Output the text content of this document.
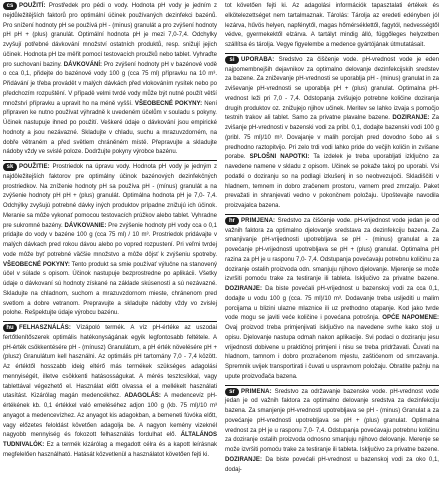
cs POUŽITÍ: Prostředek pro pédi o vody. Hodnota pH vody je jedním z nejdůležitějších faktorů pro optimální účinek používaných dezinfekci bazénů. Pro snížení hodnoty pH se používá pH - (minus) granulát a pro zvýšení hodnoty pH pH + (plus) granulát. Optimální hodnota pH je mezi 7,0-7,4. Odchylky zvyšují potřebné dávkování množství ostatních produktů, resp. snižují jejich účinek. Hodnota pH lze měřit pomocí testovacích proužků nebo tablet. Vyhraďte pro suchovaní baziny. DÁVKOVÁNÍ: Pro zvýšení hodnoty pH v bazénové vodě o cca 0,1, přidejte do bazénové vody 100 g (cca 75 ml) přípravku na 10 m³. Přidávání je třeba provádět v malých dávkách před vlokováním rysítek nebo po předchozím rozpuštění. V případě velmi tvrdé vody může být nutné použít větší množství přípravku a upravit ho na méně vyšší. VŠEOBECNÉ POKYNY: Není připraven ke nutno používat výhradně k uvedeném účelům v souladu s pokyny. Účinek nastupuje ihned po použití. Veškeré údaje o dávkování jsou empirické hodnoty a jsou nezávazné. Skladujte v chladu, suchu a mrazuvzdorném, na dobře větraném a před světlem chráněném místě. Přepravujte a skladujte nádoby vždy ve svislé poloze. Dodržujte pokyny výrobce bazénu.

sk POUŽITIE: Prostriedok na úpravu vody. Hodnota pH vody je jedným z najdôležitejších faktorov pre optimálny účinok bazénových dezinfekčných prostriedkov. Na zníženie hodnoty pH sa používa pH - (mínus) granulát a na zvýšenie hodnoty pH pH + (plus) granulát. Optimálna hodnota pH je 7,0- 7,4. Odchýlky zvyšujú potrebné dávky iných produktov prípadne znižujú ich účinok. Meranie sa môže vykonať pomocou testovacích prúžkov alebo tablet. Vyhradne pre sukromné bazény. DÁVKOVANIE: Pre zvýšenie hodnoty pH vody cca o 0,1 pridajte do vody v bazéne 100 g (cca 75 ml) / 10 m³. Prostriedok pridávajte v malých dávkach pred rokou dávou alebo po vopred rozpustení. Pri veľmi tvrdej vode môže byť potrebné väčšie množstvo a môže dôjsť k zvýšeniu spotreby. VŠEOBECNÉ POKYNY: Tento produkt sa smie používať výlučne na stanovený účel v súlade s opisom. Účinok nastupuje bezprostredne po aplikácii. Všetky údaje o dávkovaní sú hodnoty získané na základe skúseností a sú nezávazné. Skladujte na chladnom, suchom a mrazuvzdornom mieste, chránenom pred svetlom a dobre vetranom. Prepravujte a skladujte nádoby vždy vo zvislej polohe. Rešpektujte údaje výrobcu bazénu.

hu FELHASZNÁLÁS: Vízápoló termék. A víz pH-értéke az uszodai fertőtlenítőszerek optimális hatékonyságának egyik legfontosabb feltétele. A pH-érték csökkentésére pH - (mínusz) Granulátum, a pH érték növelésére pH + (plusz) Granulátum kell használni. Az optimális pH tartomány 7,0 - 7,4 között. Az értéktől hosszabb ideig eltérő más termékek szükséges adagolási mennyiségét, illetve csökkenti hatásosságukat. A mérés tesztcsíkkal, vagy tablettával végezhető el. Használat előtt olvassa el a mellékelt használati utasítást. Kizárólag magán medencékhez. ADAGOLÁS: A medencevíz pH-értékének kb. 0,1 értékkel való emeléséhez adjon 100 g (kb. 75 ml)/10 m³ anyagot a medencevízhez. Az anyagot kis adagokban, a bemeneti fúvóka előtt, vagy előzetes feloldást követően adagolja be. A nagyon kemény vizeknél nagyobb mennyiség és fokozott felhasználás fordulhat elő. ÁLTALÁNOS TUDNIVALÓK: Ez a termék kizárólag a megadott célra és a kapott leírásnak megfelelően használható. Hatását közvetlenül a használatot követően fejti ki.

tot követően fejti ki. Az adagolási információk tapasztalati értékek és elkötelezettséget nem tartalmaznak. Tárolás: Tárolja az eredeti edényben jól lezárva, hűvös helyen, napfénytől, magas hőmérséklettől, fagytól, nedvességtől védve, gyermekektől elzárva. A tartályt mindig álló, függőleges helyzetben szállítsa és tárolja. Vegye figyelembe a medence gyártójának útmutatásait.

si UPORABA: Sredstvo za čiščenje vode. pH-vrednost vode je eden najpomembnejših dejavnikov za optimalno delovanje dezinfekcijskih sredstev za bazene. Za zniževanje pH-vrednosti se uporablja pH - (minus) granulat in za zviševanje pH-vrednosti se uporablja pH + (plus) granulat. Optimalna pH-vrednost leži pri 7,0 - 7,4. Odstopanja zvišujejo potrebne količine doziranja drugih produktov oz. znižujejo njihov učinek. Meritev se lahko izvaja s pomočjo testnih trakov ali tablet. Samo za privatne plavalne bazene. DOZIRANJE: Za zvišanje pH-vrednosti v bazenski vodi za pribl. 0,1, dodajte bazenski vodi 100 g (pribl. 75 ml)/10 m³. Dovajanje v malih porcijah pred dovodno šobo ali s predhodno raztopitvijo. Pri zelo trdi vodi lahko pride do večjih količin in zvišane porabe. SPLOŠNI NAPOTKI: Ta izdelek je treba uporabljati izključno za navedene namene v skladu z opisom. Učinek se pokaže takoj po uporabi. Vsi podatki o doziranju so na podlagi izkušenj in so neobvezujoči. Skladiščiti v hladnem, temnem in dobro zračenem prostoru, varnem pred zmrzaljo. Paket prevažati in shranjevati vedno v pokončnem položaju. Upoštevajte navodila proizvajalca bazena.

hr PRIMJENA: Sredstvo za čišćenje vode. pH-vrijednost vode jedan je od važnih faktora za optimalno djelovanje sredstava za dezinfekciju bazena. Za smanjivanje pH-vrijednosti upotrebljava se pH - (minus) granulat a za povećanje pH-vrijednosti upotrebljava se pH + (plus) granulat. Optimalna pH razina za pH je u rasponu 7,0- 7,4. Odstupanja povećavaju potrebnu količinu za doziranje ostalih proizvoda odn. smanjuju njihovo djelovanje. Mjerenje se može izvršiti pomoću trake za testiranje ili tableta. Isključivo za privatne bazene. DOZIRANJE: Da biste povećali pH-vrijednost u bazenskoj vodi za cca 0,1, dodajte u vodu 100 g (cca. 75 ml)/10 m³. Dodavanje treba usljediti u malim porcijama u blizini ulazne mlaznice ili uz prethodno otapanje. Kod jako tvrde vode mogu se javiti veće količine i povećana potrošnja. OPĆE NAPOMENE: Ovaj proizvod treba primjenjivati isključivo na navedene svrhe kako stoji u opisu. Djelovanje nastupa odmah nakon aplikacije. Svi podaci o doziranju jesu vrijednosti dobivene u praktičnoj primjeni i nisu se treba pridržavati. Čuvati na hladnom, tamnom i dobro prozračenom mjestu, zaštićenom od smrzavanja. Spremnik uvijek transportirati i čuvati u uspravnom položaju. Obratite pažnju na upute proizvođača bazena.

sr PRIMENA: Sredstvo za održavanje bazenske vode. pH-vrednost vode jedan je od važnih faktora za optimalno delovanje sredstva za dezinfekciju bazena. Za smanjenje pH-vrednosti upotrebljava se pH - (minus) Granulat a za povećanje pH-vrednosti upotrebljava se pH + (plus) granulat. Optimalna vrednost za pH je u rasponu 7,0- 7,4. Odstupanja povećavaju potrebnu količinu za doziranje ostalih proizvoda odnosno smanjuju njihovo delovanje. Merenje se može izvršiti pomoću trake za testiranje ili tableta. Isključivo za privatne bazene. DOZIRANJE: Da biste povećali pH-vrednost u bazenskoj vodi za oko 0,1, dodaj-
